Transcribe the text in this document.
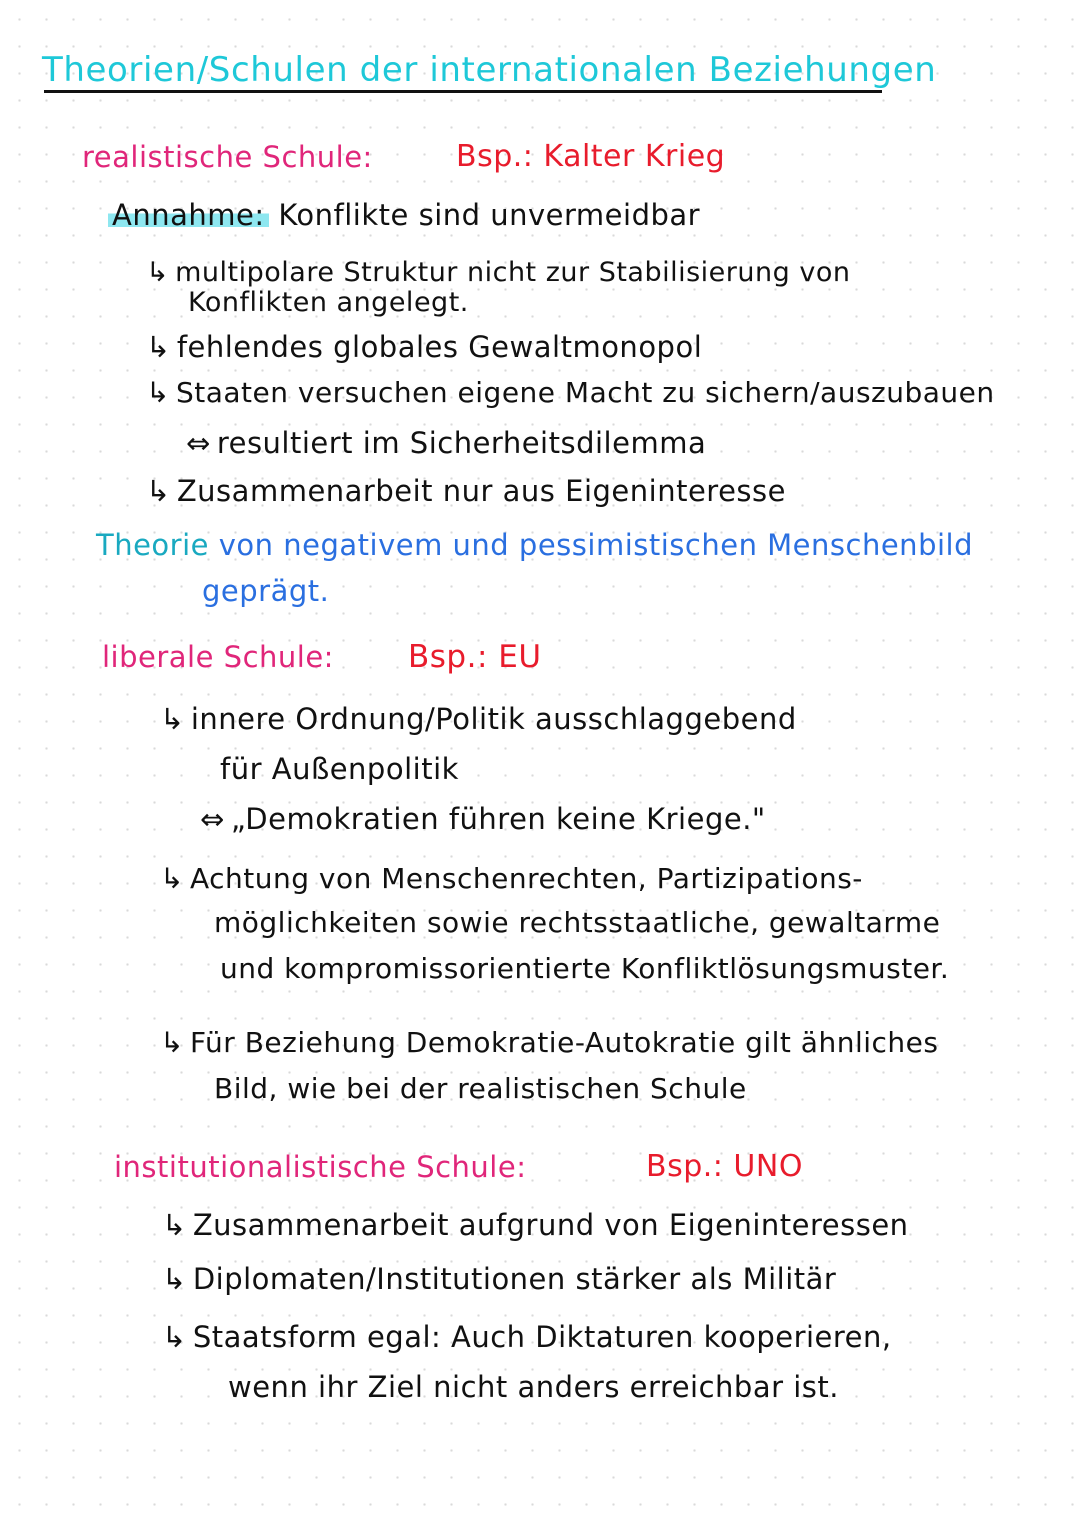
Theorien/Schulen der internationalen Beziehungen
realistische Schule:	Bsp.: Kalter Krieg
Annahme: Konflikte sind unvermeidbar
↳ multipolare Struktur nicht zur Stabilisierung von
Konflikten angelegt.
↳ fehlendes globales Gewaltmonopol
↳ Staaten versuchen eigene Macht zu sichern/auszubauen
⇔ resultiert im Sicherheitsdilemma
↳ Zusammenarbeit nur aus Eigeninteresse
Theorie von negativem und pessimistischen Menschenbild
geprägt.
liberale Schule: Bsp.: EU
↳ innere Ordnung/Politik ausschlaggebend
für Außenpolitik
⇔ „Demokratien führen keine Kriege."
↳ Achtung von Menschenrechten, Partizipations-
möglichkeiten sowie rechtsstaatliche, gewaltarme
und kompromissorientierte Konfliktlösungsmuster.
↳ Für Beziehung Demokratie-Autokratie gilt ähnliches
Bild, wie bei der realistischen Schule
institutionalistische Schule:	Bsp.: UNO
↳ Zusammenarbeit aufgrund von Eigeninteressen
↳ Diplomaten/Institutionen stärker als Militär
↳ Staatsform egal: Auch Diktaturen kooperieren,
wenn ihr Ziel nicht anders erreichbar ist.
